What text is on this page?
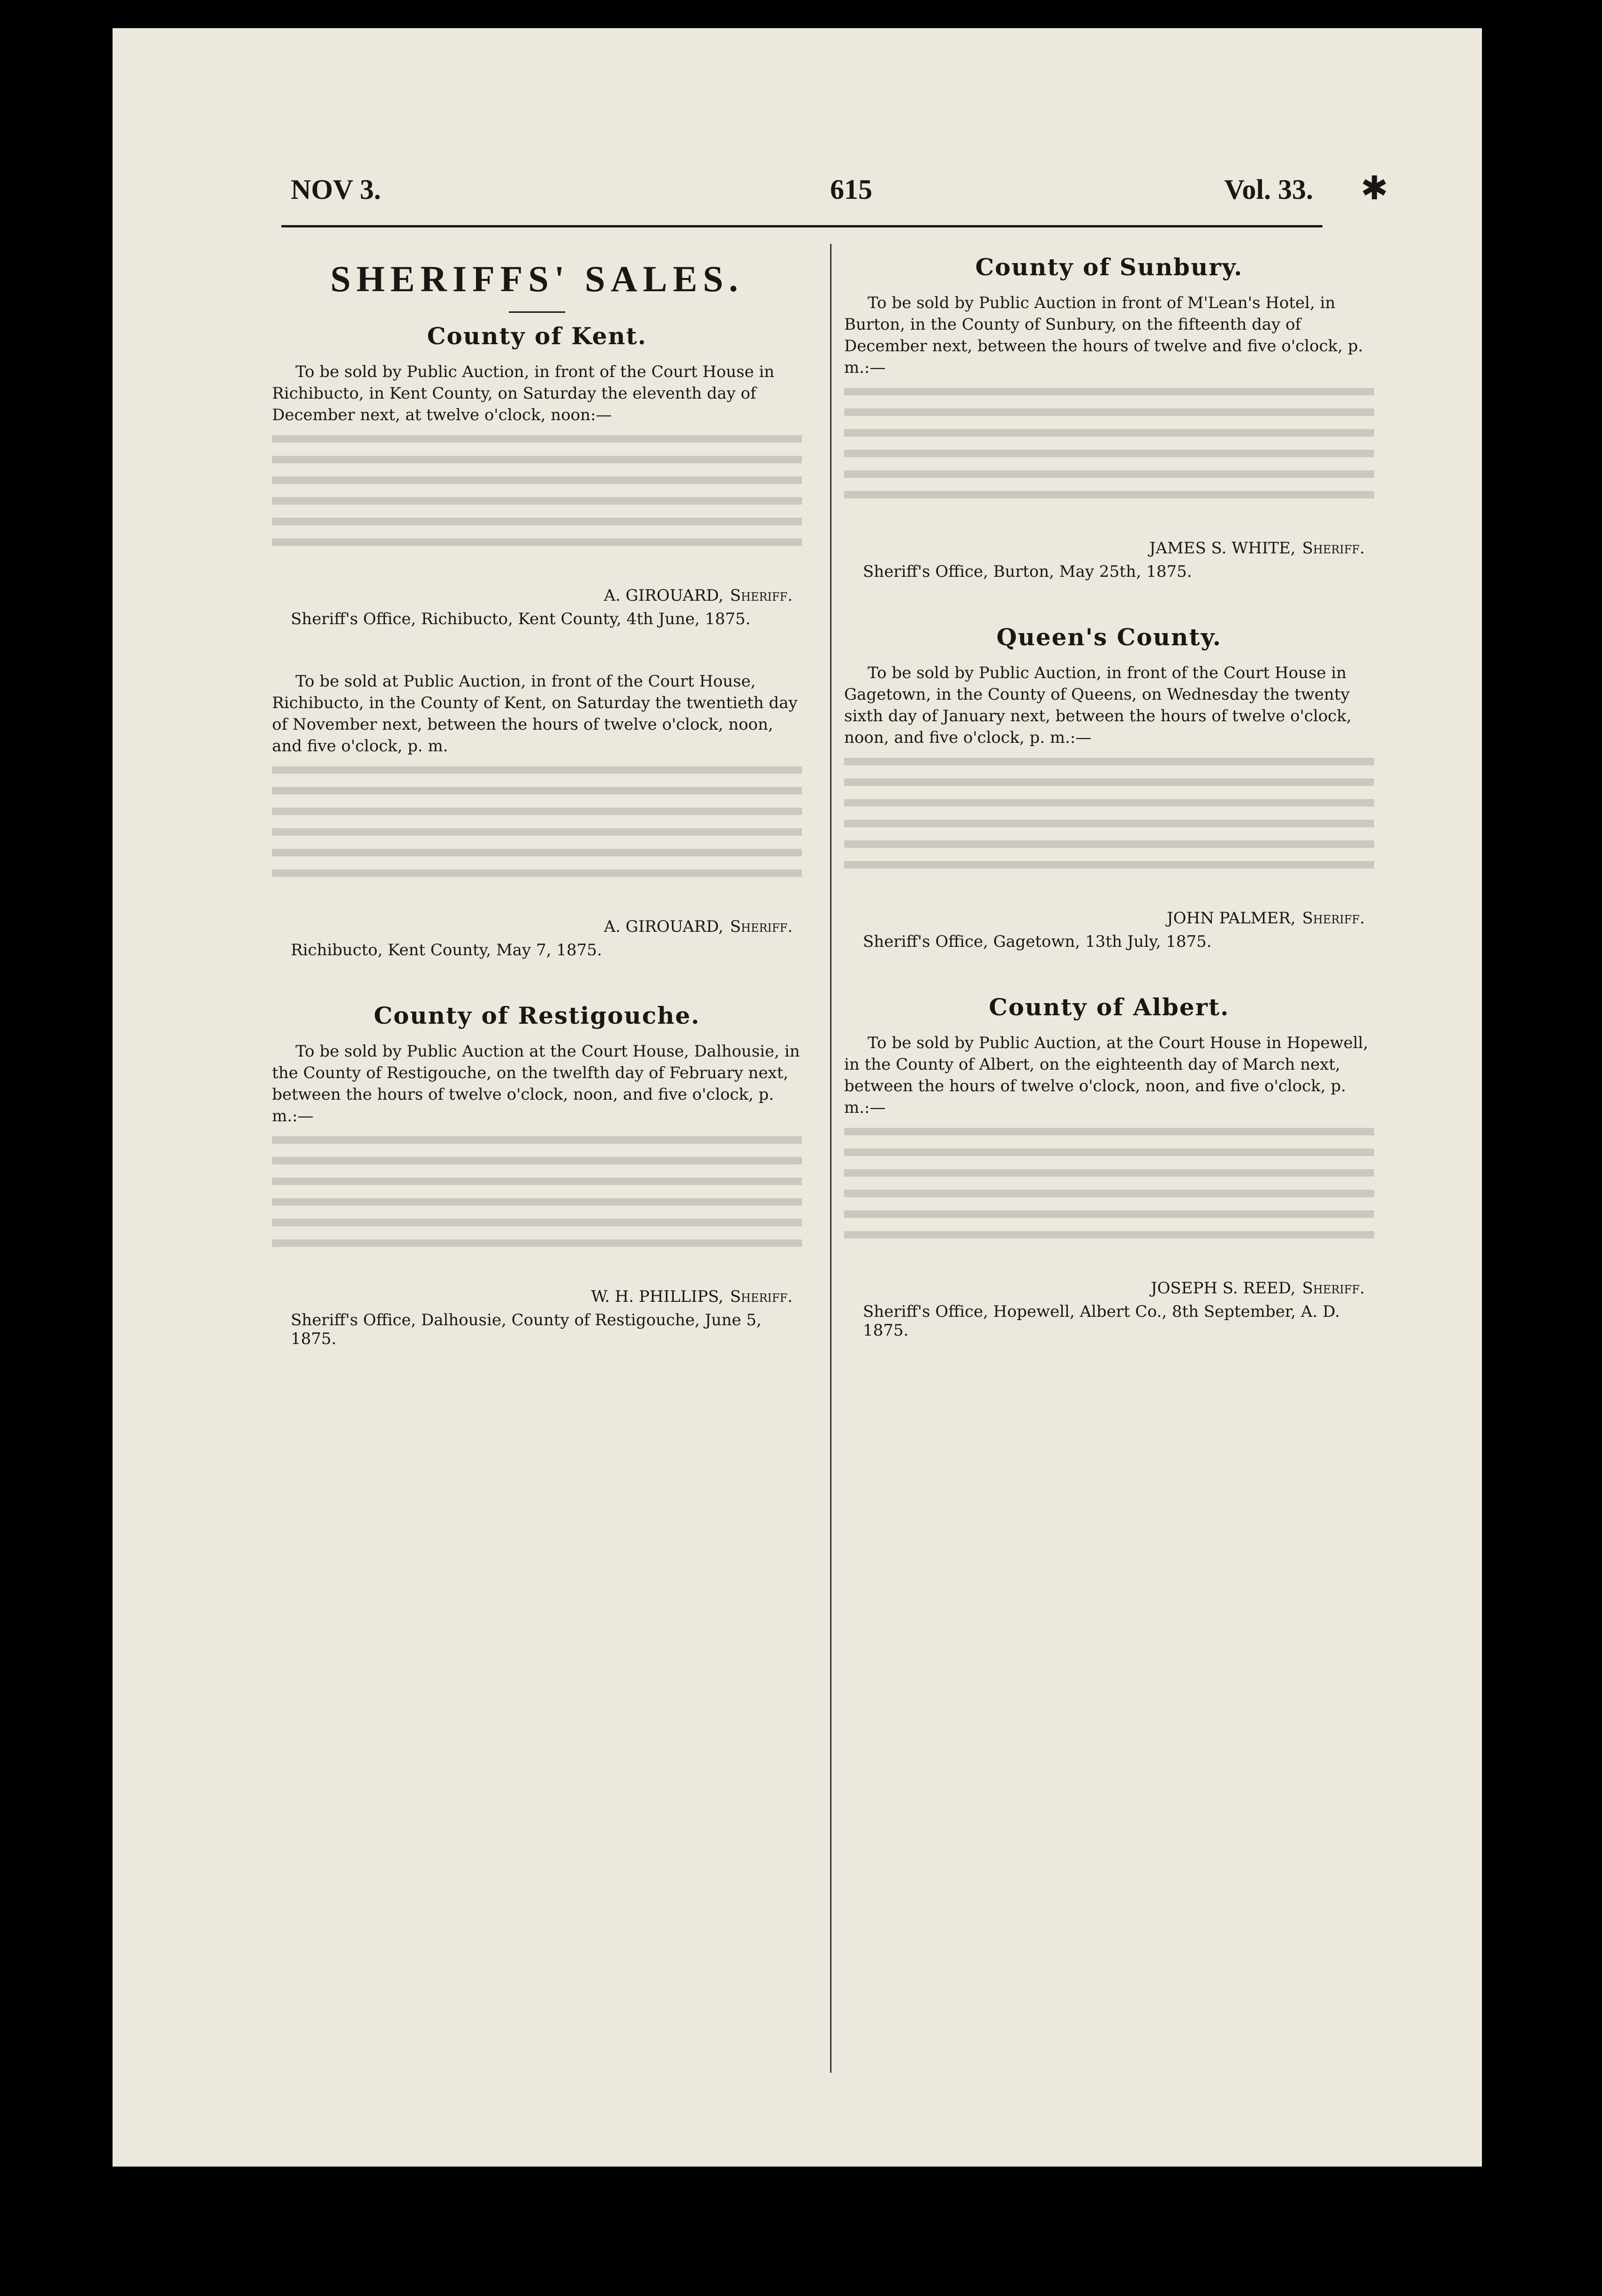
✱
NOV 3.	615	Vol. 33.
SHERIFFS' SALES.
County of Kent.
To be sold by Public Auction, in front of the Court House in Richibucto, in Kent County, on Saturday the eleventh day of December next, at twelve o'clock, noon:—
A. GIROUARD, Sheriff.
Sheriff's Office, Richibucto, Kent County, 4th June, 1875.
To be sold at Public Auction, in front of the Court House, Richibucto, in the County of Kent, on Saturday the twentieth day of November next, between the hours of twelve o'clock, noon, and five o'clock, p. m.
A. GIROUARD, Sheriff.
Richibucto, Kent County, May 7, 1875.
County of Restigouche.
To be sold by Public Auction at the Court House, Dalhousie, in the County of Restigouche, on the twelfth day of February next, between the hours of twelve o'clock, noon, and five o'clock, p. m.:—
W. H. PHILLIPS, Sheriff.
Sheriff's Office, Dalhousie, County of Restigouche, June 5, 1875.
County of Sunbury.
To be sold by Public Auction in front of M'Lean's Hotel, in Burton, in the County of Sunbury, on the fifteenth day of December next, between the hours of twelve and five o'clock, p. m.:—
JAMES S. WHITE, Sheriff.
Sheriff's Office, Burton, May 25th, 1875.
Queen's County.
To be sold by Public Auction, in front of the Court House in Gagetown, in the County of Queens, on Wednesday the twenty sixth day of January next, between the hours of twelve o'clock, noon, and five o'clock, p. m.:—
JOHN PALMER, Sheriff.
Sheriff's Office, Gagetown, 13th July, 1875.
County of Albert.
To be sold by Public Auction, at the Court House in Hopewell, in the County of Albert, on the eighteenth day of March next, between the hours of twelve o'clock, noon, and five o'clock, p. m.:—
JOSEPH S. REED, Sheriff.
Sheriff's Office, Hopewell, Albert Co., 8th September, A. D. 1875.
